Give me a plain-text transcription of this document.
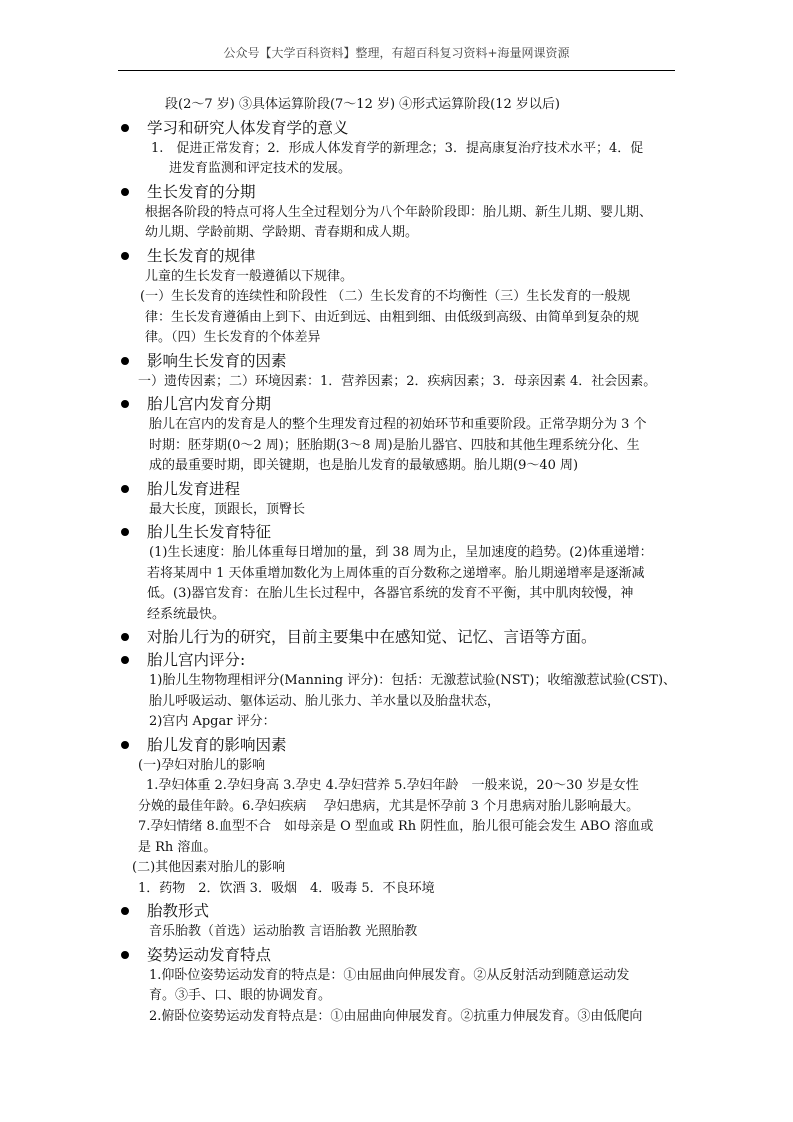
公众号【大学百科资料】整理，有超百科复习资料+海量网课资源
段(2～7 岁) ③具体运算阶段(7～12 岁) ④形式运算阶段(12 岁以后)
学习和研究人体发育学的意义
1.　促进正常发育；2．形成人体发育学的新理念；3．提高康复治疗技术水平；4．促
进发育监测和评定技术的发展。
生长发育的分期
根据各阶段的特点可将人生全过程划分为八个年龄阶段即：胎儿期、新生儿期、婴儿期、
幼儿期、学龄前期、学龄期、青春期和成人期。
生长发育的规律
儿童的生长发育一般遵循以下规律。
(一）生长发育的连续性和阶段性 （二）生长发育的不均衡性（三）生长发育的一般规
律：生长发育遵循由上到下、由近到远、由粗到细、由低级到高级、由简单到复杂的规
律。（四）生长发育的个体差异
影响生长发育的因素
一）遗传因素；二）环境因素：1．营养因素；2．疾病因素；3．母亲因素 4．社会因素。
胎儿宫内发育分期
胎儿在宫内的发育是人的整个生理发育过程的初始环节和重要阶段。正常孕期分为 3 个
时期：胚芽期(0～2 周)；胚胎期(3～8 周)是胎儿器官、四肢和其他生理系统分化、生
成的最重要时期，即关键期，也是胎儿发育的最敏感期。胎儿期(9～40 周)
胎儿发育进程
最大长度，顶跟长，顶臀长
胎儿生长发育特征
(1)生长速度：胎儿体重每日增加的量，到 38 周为止，呈加速度的趋势。(2)体重递增：
若将某周中 1 天体重增加数化为上周体重的百分数称之递增率。胎儿期递增率是逐渐减
低。(3)器官发育：在胎儿生长过程中，各器官系统的发育不平衡，其中肌肉较慢，神
经系统最快。
对胎儿行为的研究，目前主要集中在感知觉、记忆、言语等方面。
胎儿宫内评分:
1)胎儿生物物理相评分(Manning 评分)：包括：无激惹试验(NST)；收缩激惹试验(CST)、
胎儿呼吸运动、躯体运动、胎儿张力、羊水量以及胎盘状态，
2)宫内 Apgar 评分：
胎儿发育的影响因素
(一)孕妇对胎儿的影响
1.孕妇体重 2.孕妇身高 3.孕史 4.孕妇营养 5.孕妇年龄　一般来说，20～30 岁是女性
分娩的最佳年龄。6.孕妇疾病　 孕妇患病，尤其是怀孕前 3 个月患病对胎儿影响最大。
7.孕妇情绪 8.血型不合　如母亲是 O 型血或 Rh 阴性血，胎儿很可能会发生 ABO 溶血或
是 Rh 溶血。
(二)其他因素对胎儿的影响
1．药物　2．饮酒 3．吸烟　4．吸毒 5．不良环境
胎教形式
音乐胎教（首选）运动胎教 言语胎教 光照胎教
姿势运动发育特点
1.仰卧位姿势运动发育的特点是：①由屈曲向伸展发育。②从反射活动到随意运动发
育。③手、口、眼的协调发育。
2.俯卧位姿势运动发育特点是：①由屈曲向伸展发育。②抗重力伸展发育。③由低爬向
